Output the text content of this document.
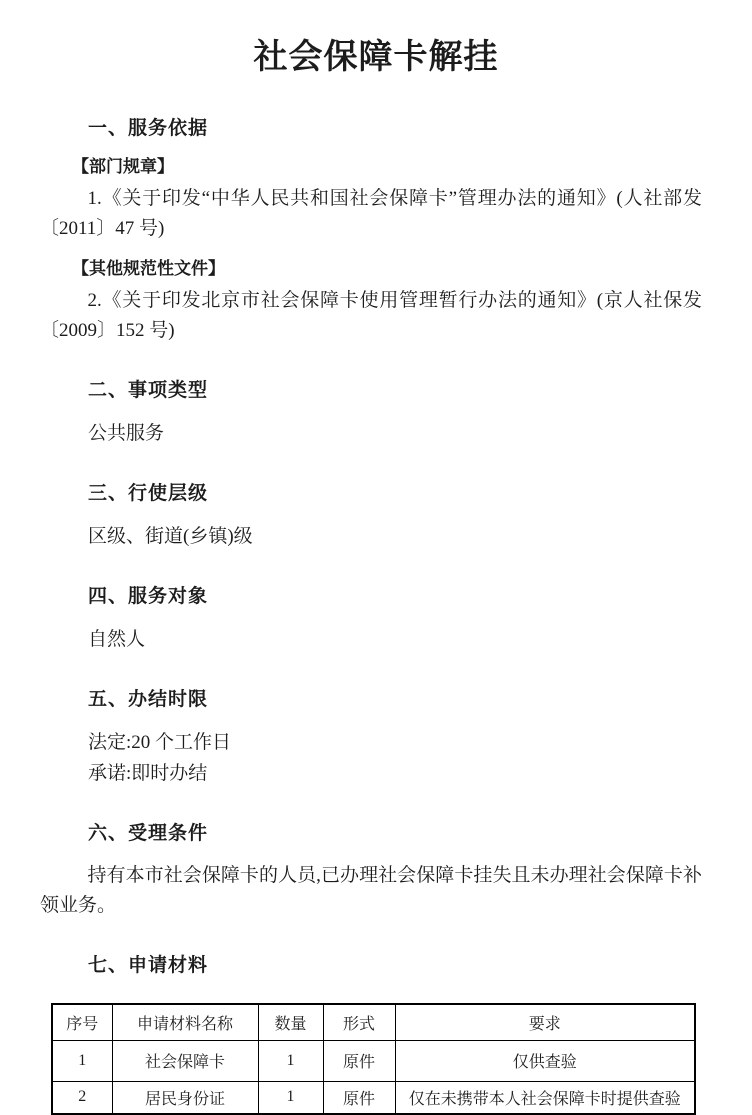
社会保障卡解挂
一、服务依据
【部门规章】

1.《关于印发“中华人民共和国社会保障卡”管理办法的通知》(人社部发〔2011〕47 号)

【其他规范性文件】

2.《关于印发北京市社会保障卡使用管理暂行办法的通知》(京人社保发〔2009〕152 号)

二、事项类型
公共服务
三、行使层级
区级、街道(乡镇)级
四、服务对象
自然人
五、办结时限
法定:20 个工作日
承诺:即时办结
六、受理条件

持有本市社会保障卡的人员,已办理社会保障卡挂失且未办理社会保障卡补领业务。

七、申请材料
序号	申请材料名称	数量	形式	要求
1	社会保障卡	1	原件	仅供查验
2	居民身份证	1	原件	仅在未携带本人社会保障卡时提供查验
